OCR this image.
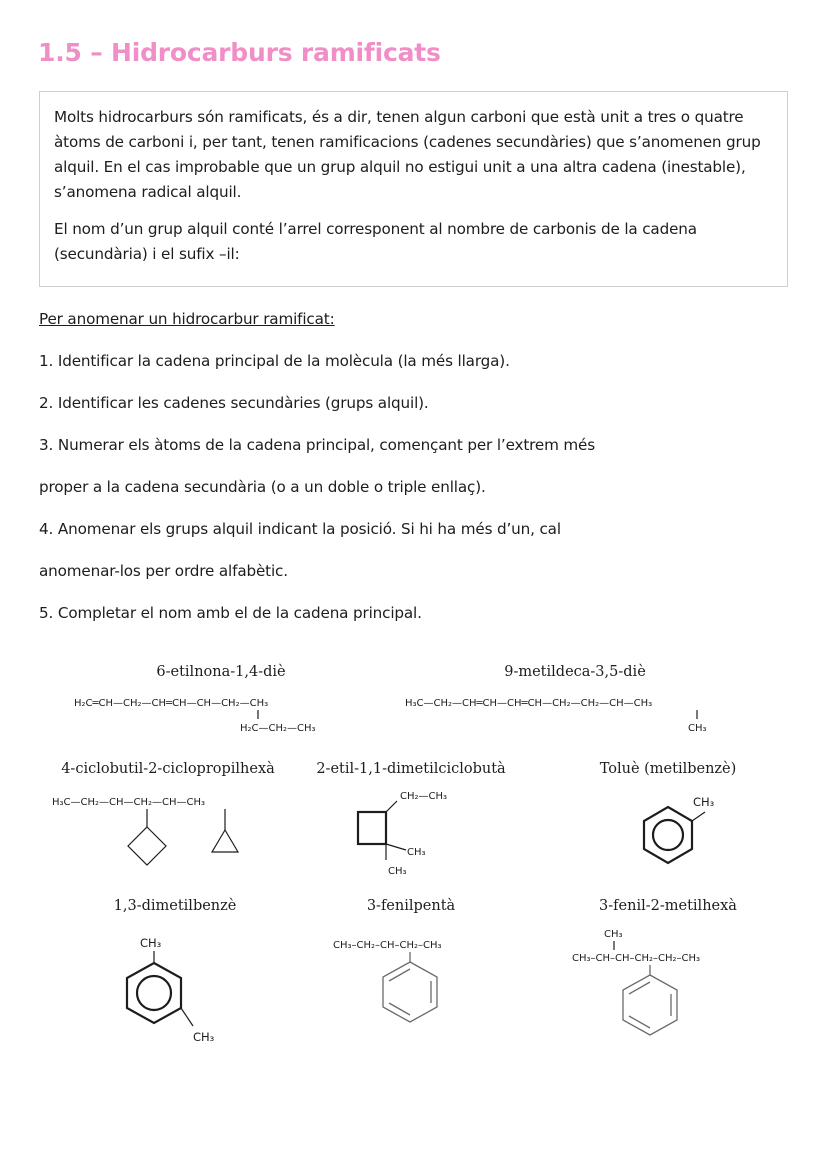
1.5 – Hidrocarburs ramificats

Molts hidrocarburs són ramificats, és a dir, tenen algun carboni que està unit a tres o quatre àtoms de carboni i, per tant, tenen ramificacions (cadenes secundàries) que s’anomenen grup alquil. En el cas improbable que un grup alquil no estigui unit a una altra cadena (inestable), s’anomena radical alquil.

El nom d’un grup alquil conté l’arrel corresponent al nombre de carbonis de la cadena (secundària) i el sufix –il:

Per anomenar un hidrocarbur ramificat:
1. Identificar la cadena principal de la molècula (la més llarga).
2. Identificar les cadenes secundàries (grups alquil).
3. Numerar els àtoms de la cadena principal, començant per l’extrem més
proper a la cadena secundària (o a un doble o triple enllaç).
4. Anomenar els grups alquil indicant la posició. Si hi ha més d’un, cal
anomenar-los per ordre alfabètic.
5. Completar el nom amb el de la cadena principal.
6-etilnona-1,4-diè	9-metildeca-3,5-diè
4-ciclobutil-2-ciclopropilhexà	2-etil-1,1-dimetilciclobutà	Toluè (metilbenzè)
1,3-dimetilbenzè	3-fenilpentà	3-fenil-2-metilhexà
H₂C═CH—CH₂—CH═CH—CH—CH₂—CH₃
H₂C—CH₂—CH₃
H₃C—CH₂—CH═CH—CH═CH—CH₂—CH₂—CH—CH₃
CH₃
H₃C—CH₂—CH—CH₂—CH—CH₃
CH₂—CH₃
CH₃
CH₃
CH₃
CH₃
CH₃
CH₃–CH₂–CH–CH₂–CH₃
CH₃
CH₃–CH–CH–CH₂–CH₂–CH₃
